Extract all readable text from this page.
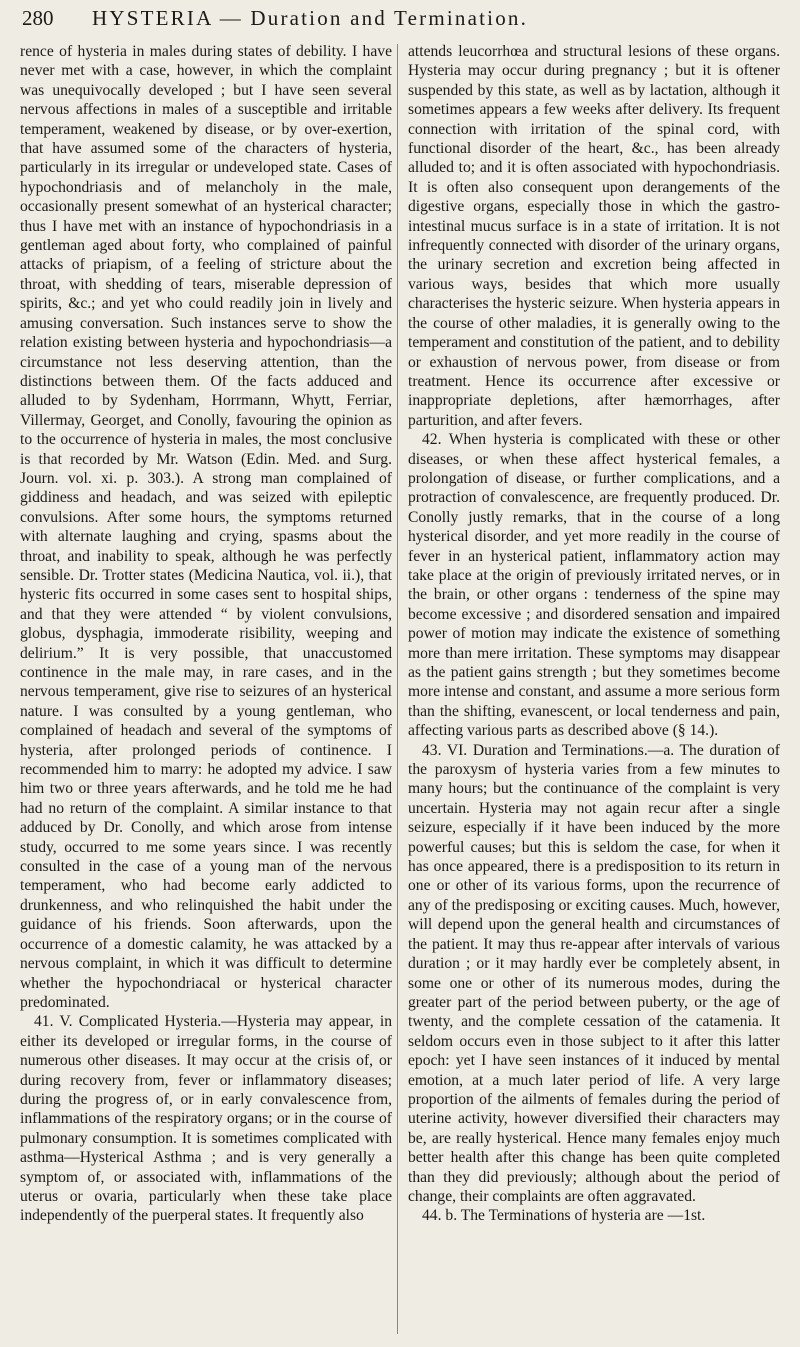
280	HYSTERIA — Duration and Termination.

rence of hysteria in males during states of debility. I have never met with a case, however, in which the complaint was unequivocally developed ; but I have seen several nervous affections in males of a susceptible and irritable temperament, weakened by disease, or by over-exertion, that have assumed some of the characters of hysteria, particularly in its irregular or undeveloped state. Cases of hypochondriasis and of melancholy in the male, occasionally present somewhat of an hysterical character; thus I have met with an instance of hypochondriasis in a gentleman aged about forty, who complained of painful attacks of priapism, of a feeling of stricture about the throat, with shedding of tears, miserable depression of spirits, &c.; and yet who could readily join in lively and amusing conversation. Such instances serve to show the relation existing between hysteria and hypochondriasis—a circumstance not less deserving attention, than the distinctions between them. Of the facts adduced and alluded to by Sydenham, Horrmann, Whytt, Ferriar, Villermay, Georget, and Conolly, favouring the opinion as to the occurrence of hysteria in males, the most conclusive is that recorded by Mr. Watson (Edin. Med. and Surg. Journ. vol. xi. p. 303.). A strong man complained of giddiness and headach, and was seized with epileptic convulsions. After some hours, the symptoms returned with alternate laughing and crying, spasms about the throat, and inability to speak, although he was perfectly sensible. Dr. Trotter states (Medicina Nautica, vol. ii.), that hysteric fits occurred in some cases sent to hospital ships, and that they were attended “ by violent convulsions, globus, dysphagia, immoderate risibility, weeping and delirium.” It is very possible, that unaccustomed continence in the male may, in rare cases, and in the nervous temperament, give rise to seizures of an hysterical nature. I was consulted by a young gentleman, who complained of headach and several of the symptoms of hysteria, after prolonged periods of continence. I recommended him to marry: he adopted my advice. I saw him two or three years afterwards, and he told me he had had no return of the complaint. A similar instance to that adduced by Dr. Conolly, and which arose from intense study, occurred to me some years since. I was recently consulted in the case of a young man of the nervous temperament, who had become early addicted to drunkenness, and who relinquished the habit under the guidance of his friends. Soon afterwards, upon the occurrence of a domestic calamity, he was attacked by a nervous complaint, in which it was difficult to determine whether the hypochondriacal or hysterical character predominated.

41. V. Complicated Hysteria.—Hysteria may appear, in either its developed or irregular forms, in the course of numerous other diseases. It may occur at the crisis of, or during recovery from, fever or inflammatory diseases; during the progress of, or in early convalescence from, inflammations of the respiratory organs; or in the course of pulmonary consumption. It is sometimes complicated with asthma—Hysterical Asthma ; and is very generally a symptom of, or associated with, inflammations of the uterus or ovaria, particularly when these take place independently of the puerperal states. It frequently also

attends leucorrhœa and structural lesions of these organs. Hysteria may occur during pregnancy ; but it is oftener suspended by this state, as well as by lactation, although it sometimes appears a few weeks after delivery. Its frequent connection with irritation of the spinal cord, with functional disorder of the heart, &c., has been already alluded to; and it is often associated with hypochondriasis. It is often also consequent upon derangements of the digestive organs, especially those in which the gastro-intestinal mucus surface is in a state of irritation. It is not infrequently connected with disorder of the urinary organs, the urinary secretion and excretion being affected in various ways, besides that which more usually characterises the hysteric seizure. When hysteria appears in the course of other maladies, it is generally owing to the temperament and constitution of the patient, and to debility or exhaustion of nervous power, from disease or from treatment. Hence its occurrence after excessive or inappropriate depletions, after hæmorrhages, after parturition, and after fevers.

42. When hysteria is complicated with these or other diseases, or when these affect hysterical females, a prolongation of disease, or further complications, and a protraction of convalescence, are frequently produced. Dr. Conolly justly remarks, that in the course of a long hysterical disorder, and yet more readily in the course of fever in an hysterical patient, inflammatory action may take place at the origin of previously irritated nerves, or in the brain, or other organs : tenderness of the spine may become excessive ; and disordered sensation and impaired power of motion may indicate the existence of something more than mere irritation. These symptoms may disappear as the patient gains strength ; but they sometimes become more intense and constant, and assume a more serious form than the shifting, evanescent, or local tenderness and pain, affecting various parts as described above (§ 14.).

43. VI. Duration and Terminations.—a. The duration of the paroxysm of hysteria varies from a few minutes to many hours; but the continuance of the complaint is very uncertain. Hysteria may not again recur after a single seizure, especially if it have been induced by the more powerful causes; but this is seldom the case, for when it has once appeared, there is a predisposition to its return in one or other of its various forms, upon the recurrence of any of the predisposing or exciting causes. Much, however, will depend upon the general health and circumstances of the patient. It may thus re-appear after intervals of various duration ; or it may hardly ever be completely absent, in some one or other of its numerous modes, during the greater part of the period between puberty, or the age of twenty, and the complete cessation of the catamenia. It seldom occurs even in those subject to it after this latter epoch: yet I have seen instances of it induced by mental emotion, at a much later period of life. A very large proportion of the ailments of females during the period of uterine activity, however diversified their characters may be, are really hysterical. Hence many females enjoy much better health after this change has been quite completed than they did previously; although about the period of change, their complaints are often aggravated.

44. b. The Terminations of hysteria are —1st.
